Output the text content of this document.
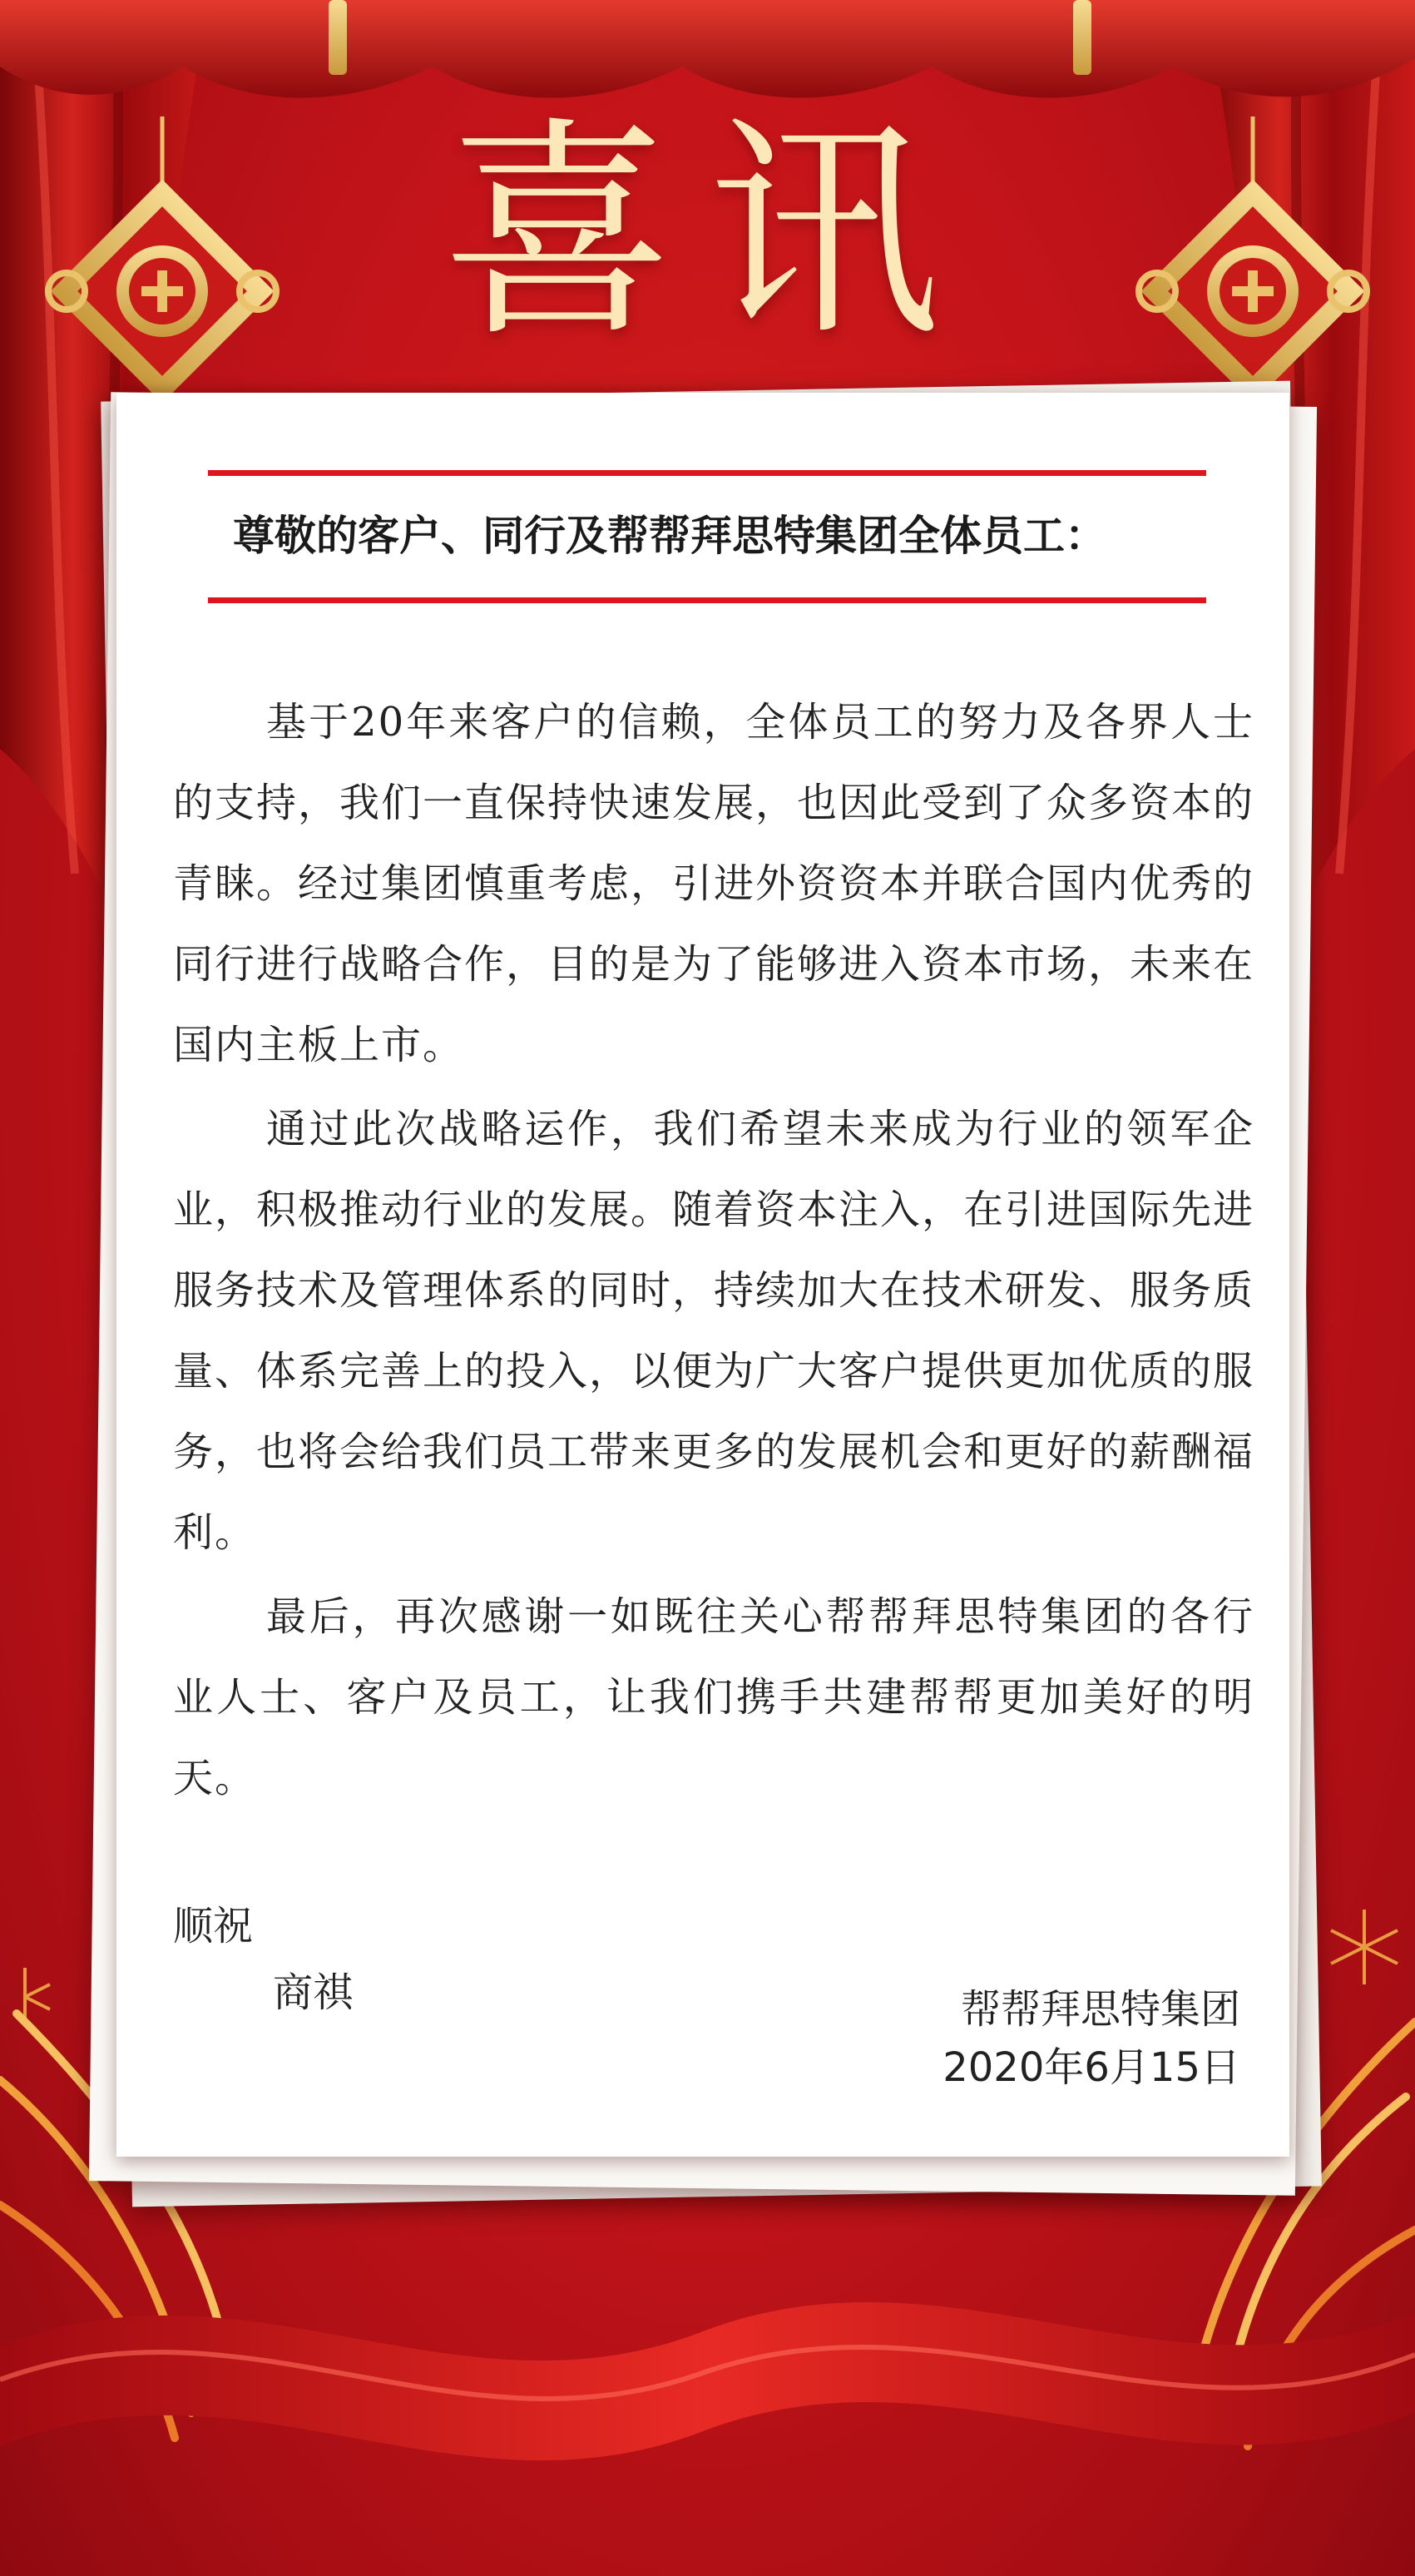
喜讯
尊敬的客户、同行及帮帮拜思特集团全体员工：

基于20年来客户的信赖，全体员工的努力及各界人士的支持，我们一直保持快速发展，也因此受到了众多资本的青睐。经过集团慎重考虑，引进外资资本并联合国内优秀的同行进行战略合作，目的是为了能够进入资本市场，未来在国内主板上市。

通过此次战略运作，我们希望未来成为行业的领军企业，积极推动行业的发展。随着资本注入，在引进国际先进服务技术及管理体系的同时，持续加大在技术研发、服务质量、体系完善上的投入，以便为广大客户提供更加优质的服务，也将会给我们员工带来更多的发展机会和更好的薪酬福利。

最后，再次感谢一如既往关心帮帮拜思特集团的各行业人士、客户及员工，让我们携手共建帮帮更加美好的明天。

顺祝
商祺	帮帮拜思特集团
2020年6月15日
